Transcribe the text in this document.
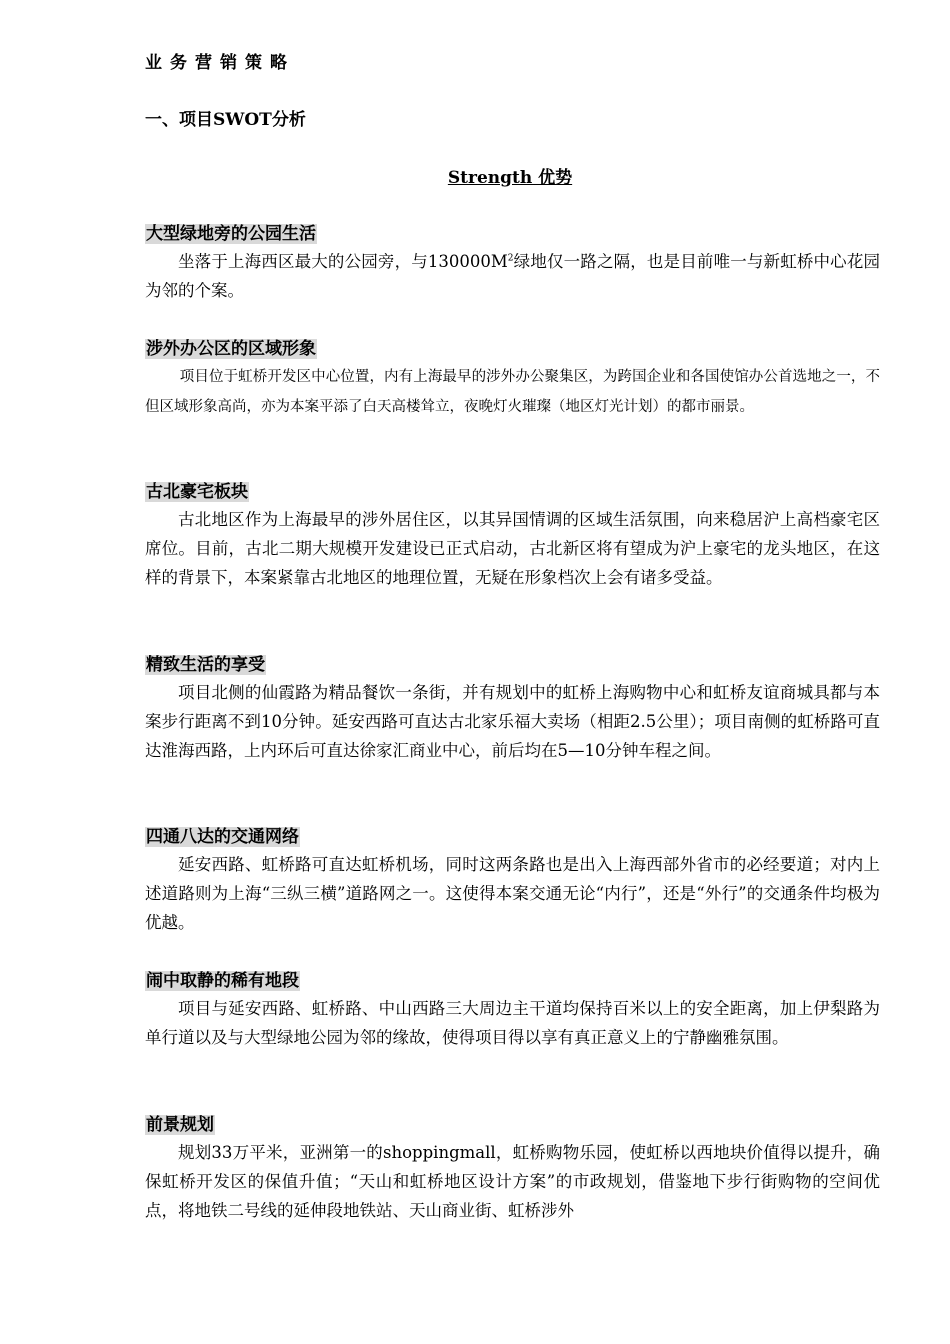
业务营销策略
一、项目SWOT分析
Strength 优势
大型绿地旁的公园生活

坐落于上海西区最大的公园旁，与$130000M^2$绿地仅一路之隔，也是目前唯一与新虹桥中心花园为邻的个案。

涉外办公区的区域形象

项目位于虹桥开发区中心位置，内有上海最早的涉外办公聚集区，为跨国企业和各国使馆办公首选地之一，不但区域形象高尚，亦为本案平添了白天高楼耸立，夜晚灯火璀璨（地区灯光计划）的都市丽景。

古北豪宅板块

古北地区作为上海最早的涉外居住区，以其异国情调的区域生活氛围，向来稳居沪上高档豪宅区席位。目前，古北二期大规模开发建设已正式启动，古北新区将有望成为沪上豪宅的龙头地区，在这样的背景下，本案紧靠古北地区的地理位置，无疑在形象档次上会有诸多受益。

精致生活的享受

项目北侧的仙霞路为精品餐饮一条街，并有规划中的虹桥上海购物中心和虹桥友谊商城具都与本案步行距离不到10分钟。延安西路可直达古北家乐福大卖场（相距2.5公里）；项目南侧的虹桥路可直达淮海西路，上内环后可直达徐家汇商业中心，前后均在5—10分钟车程之间。

四通八达的交通网络

延安西路、虹桥路可直达虹桥机场，同时这两条路也是出入上海西部外省市的必经要道；对内上述道路则为上海“三纵三横”道路网之一。这使得本案交通无论“内行”，还是“外行”的交通条件均极为优越。

闹中取静的稀有地段

项目与延安西路、虹桥路、中山西路三大周边主干道均保持百米以上的安全距离，加上伊梨路为单行道以及与大型绿地公园为邻的缘故，使得项目得以享有真正意义上的宁静幽雅氛围。

前景规划

规划33万平米，亚洲第一的shoppingmall，虹桥购物乐园，使虹桥以西地块价值得以提升，确保虹桥开发区的保值升值；“天山和虹桥地区设计方案”的市政规划，借鉴地下步行街购物的空间优点，将地铁二号线的延伸段地铁站、天山商业街、虹桥涉外
